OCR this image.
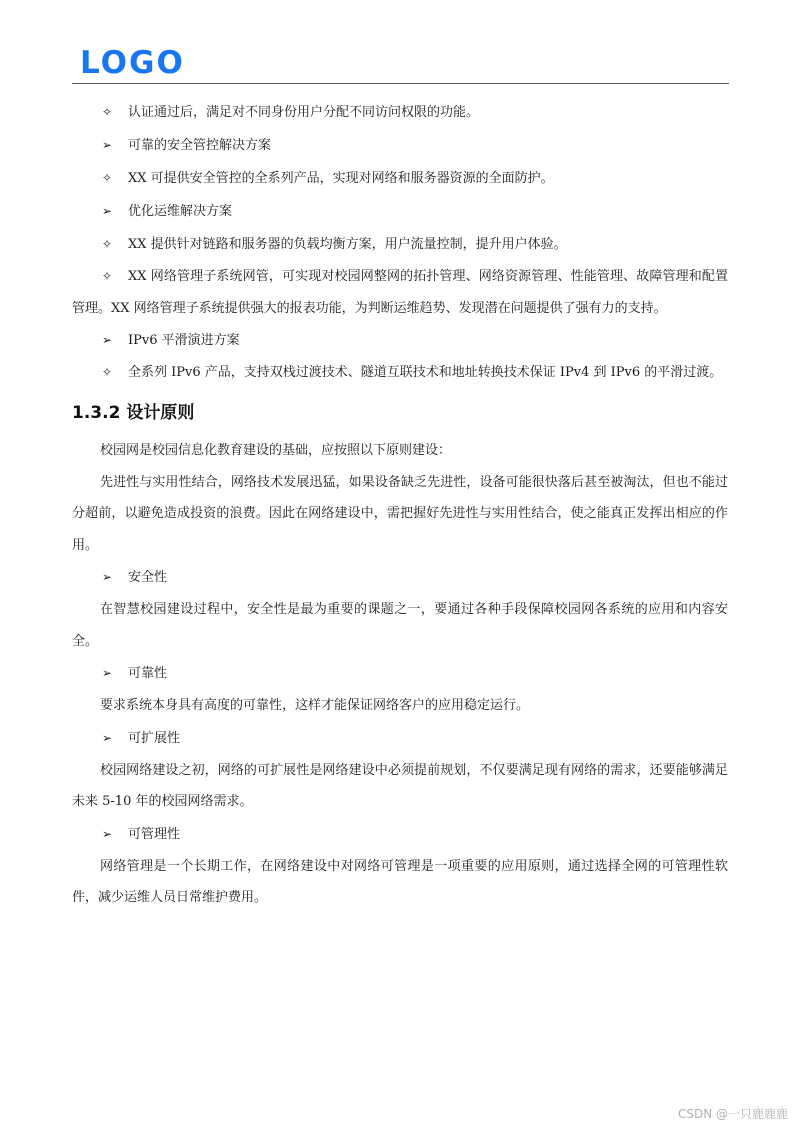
LOGO

✧	认证通过后，满足对不同身份用户分配不同访问权限的功能。

➢	可靠的安全管控解决方案

✧	XX 可提供安全管控的全系列产品，实现对网络和服务器资源的全面防护。

➢	优化运维解决方案

✧	XX 提供针对链路和服务器的负载均衡方案，用户流量控制，提升用户体验。

✧ XX 网络管理子系统网管，可实现对校园网整网的拓扑管理、网络资源管理、性能管理、故障管理和配置管理。XX 网络管理子系统提供强大的报表功能，为判断运维趋势、发现潜在问题提供了强有力的支持。

➢	IPv6 平滑演进方案

✧ 全系列 IPv6 产品，支持双栈过渡技术、隧道互联技术和地址转换技术保证 IPv4 到 IPv6 的平滑过渡。

1.3.2 设计原则

校园网是校园信息化教育建设的基础，应按照以下原则建设：

先进性与实用性结合，网络技术发展迅猛，如果设备缺乏先进性，设备可能很快落后甚至被淘汰，但也不能过分超前，以避免造成投资的浪费。因此在网络建设中，需把握好先进性与实用性结合，使之能真正发挥出相应的作用。

➢	安全性

在智慧校园建设过程中，安全性是最为重要的课题之一，要通过各种手段保障校园网各系统的应用和内容安全。

➢	可靠性

要求系统本身具有高度的可靠性，这样才能保证网络客户的应用稳定运行。

➢	可扩展性

校园网络建设之初，网络的可扩展性是网络建设中必须提前规划，不仅要满足现有网络的需求，还要能够满足未来 5-10 年的校园网络需求。

➢	可管理性

网络管理是一个长期工作，在网络建设中对网络可管理是一项重要的应用原则，通过选择全网的可管理性软件，减少运维人员日常维护费用。

CSDN @一只鹿鹿鹿
